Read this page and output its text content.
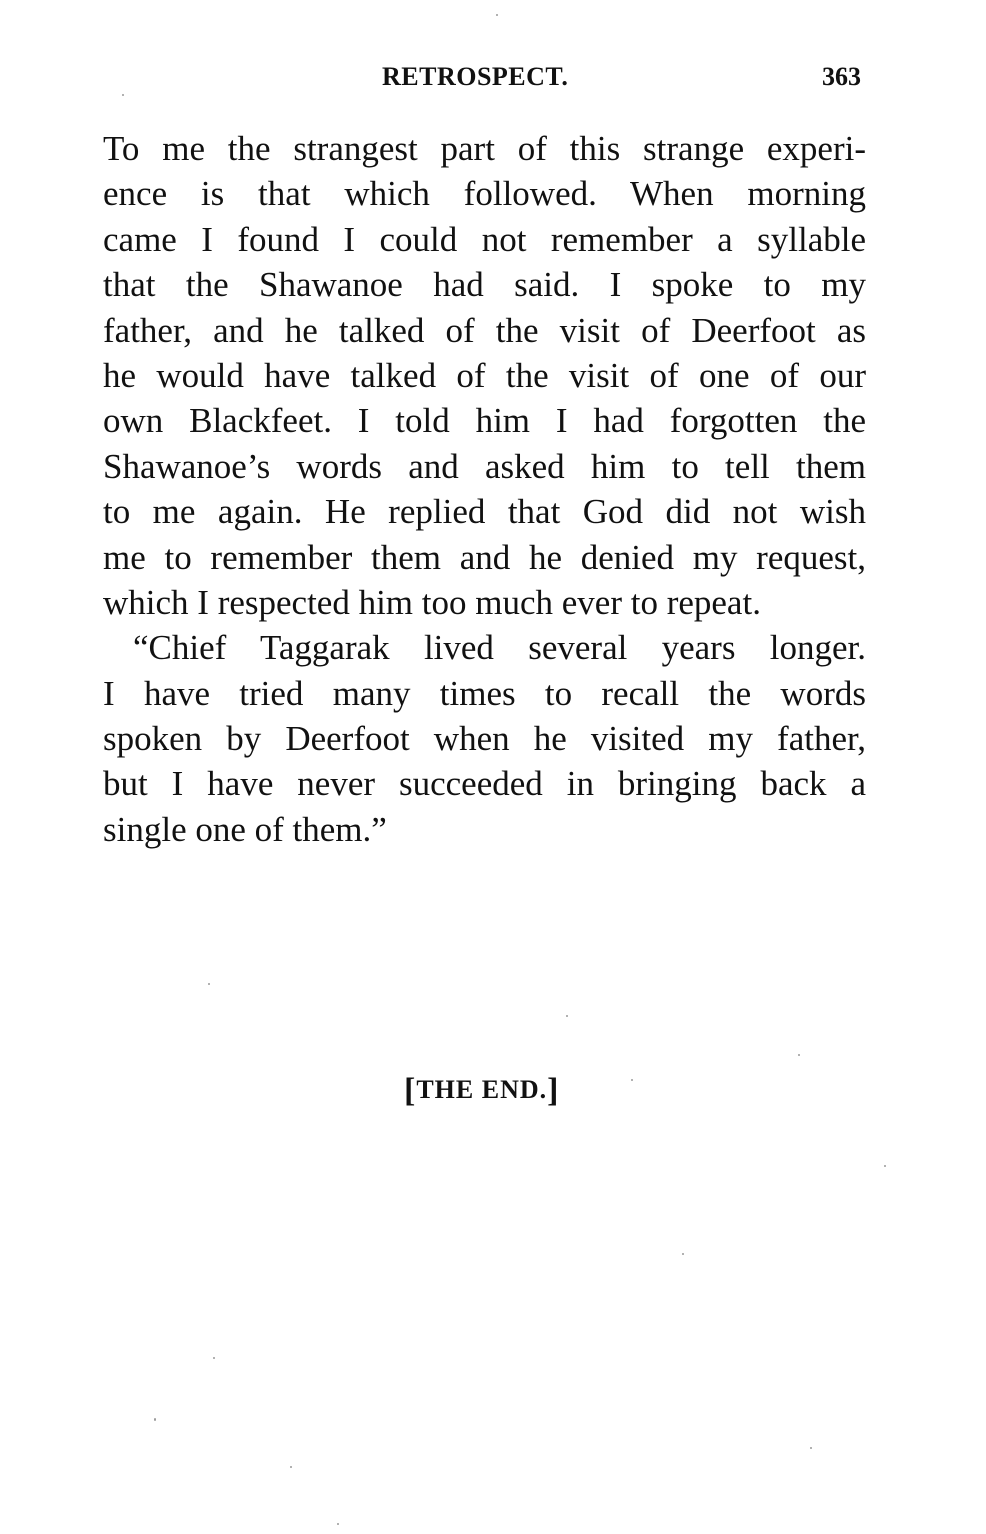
RETROSPECT.	363
To me the strangest part of this strange experi-
ence is that which followed. When morning
came I found I could not remember a syllable
that the Shawanoe had said. I spoke to my
father, and he talked of the visit of Deerfoot as
he would have talked of the visit of one of our
own Blackfeet. I told him I had forgotten the
Shawanoe’s words and asked him to tell them
to me again. He replied that God did not wish
me to remember them and he denied my request,
which I respected him too much ever to repeat.
“Chief Taggarak lived several years longer.
I have tried many times to recall the words
spoken by Deerfoot when he visited my father,
but I have never succeeded in bringing back a
single one of them.”
[THE END.]
